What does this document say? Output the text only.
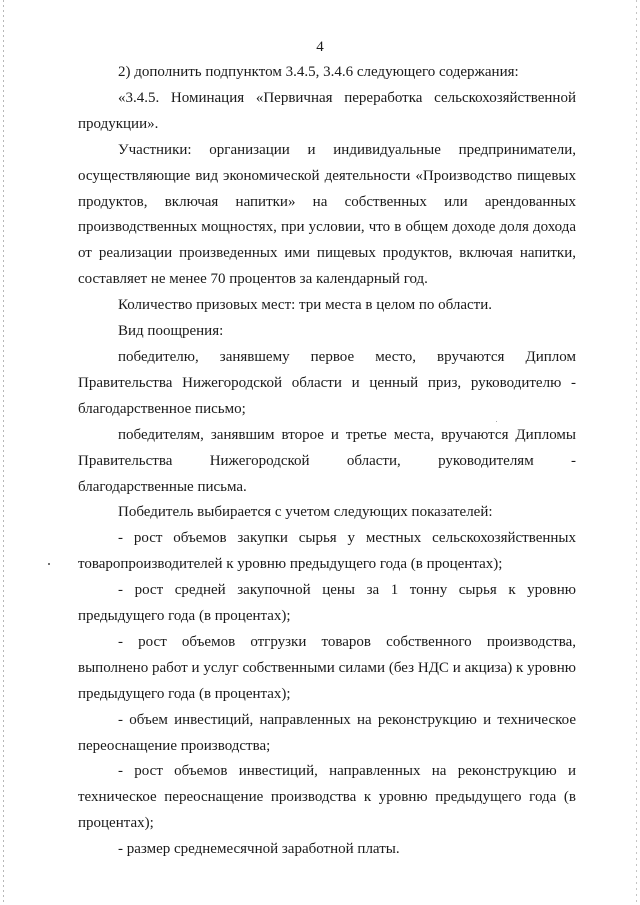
4

2) дополнить подпунктом 3.4.5, 3.4.6 следующего содержания:

«3.4.5. Номинация «Первичная переработка сельскохозяйственной продукции».

Участники: организации и индивидуальные предприниматели, осуществляющие вид экономической деятельности «Производство пищевых продуктов, включая напитки» на собственных или арендованных производственных мощностях, при условии, что в общем доходе доля дохода от реализации произведенных ими пищевых продуктов, включая напитки, составляет не менее 70 процентов за календарный год.

Количество призовых мест: три места в целом по области.

Вид поощрения:

победителю, занявшему первое место, вручаются Диплом Правительства Нижегородской области и ценный приз, руководителю - благодарственное письмо;

победителям, занявшим второе и третье места, вручаются Дипломы Правительства Нижегородской области, руководителям -

благодарственные письма.

Победитель выбирается с учетом следующих показателей:

- рост объемов закупки сырья у местных сельскохозяйственных товаропроизводителей к уровню предыдущего года (в процентах);

- рост средней закупочной цены за 1 тонну сырья к уровню предыдущего года (в процентах);

- рост объемов отгрузки товаров собственного производства, выполнено работ и услуг собственными силами (без НДС и акциза) к уровню предыдущего года (в процентах);

- объем инвестиций, направленных на реконструкцию и техническое переоснащение производства;

- рост объемов инвестиций, направленных на реконструкцию и техническое переоснащение производства к уровню предыдущего года (в процентах);

- размер среднемесячной заработной платы.
